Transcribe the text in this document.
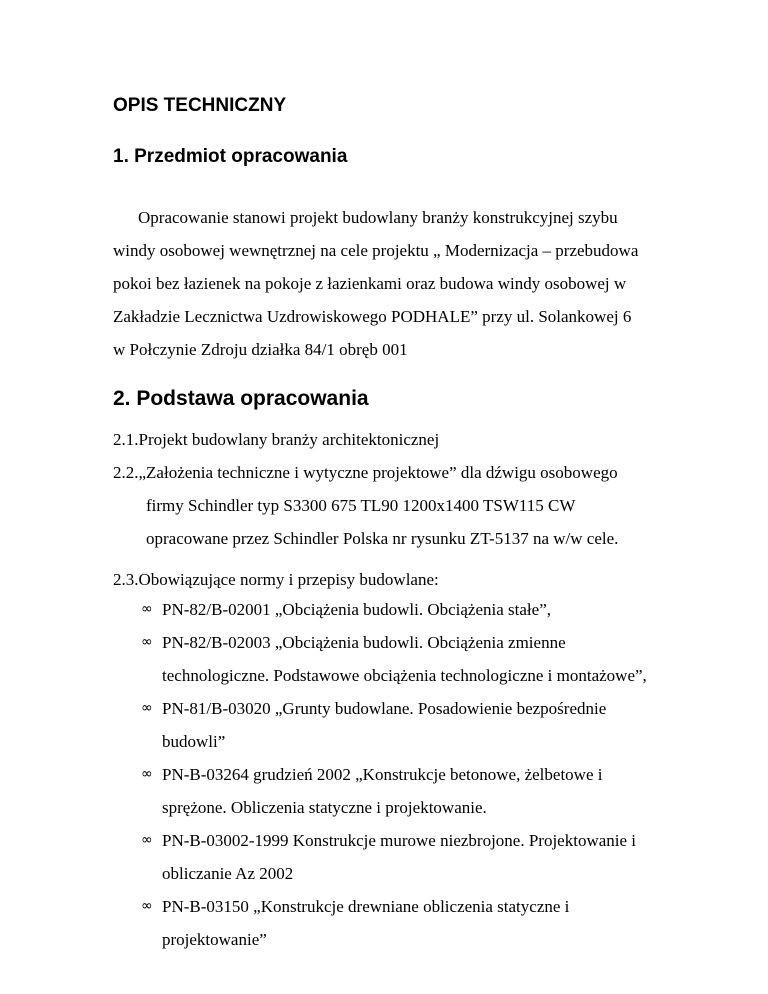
OPIS TECHNICZNY
1. Przedmiot opracowania
Opracowanie stanowi projekt budowlany branży konstrukcyjnej szybu
windy osobowej wewnętrznej na cele projektu „ Modernizacja – przebudowa
pokoi bez łazienek na pokoje z łazienkami oraz budowa windy osobowej w
Zakładzie Lecznictwa Uzdrowiskowego PODHALE” przy ul. Solankowej 6
w Połczynie Zdroju działka 84/1 obręb 001
2. Podstawa opracowania
2.1.Projekt budowlany branży architektonicznej
2.2.„Założenia techniczne i wytyczne projektowe” dla dźwigu osobowego
firmy Schindler typ S3300 675 TL90 1200x1400 TSW115 CW
opracowane przez Schindler Polska nr rysunku ZT-5137 na w/w cele.
2.3.Obowiązujące normy i przepisy budowlane:
∞ PN-82/B-02001 „Obciążenia budowli. Obciążenia stałe”,
∞ PN-82/B-02003 „Obciążenia budowli. Obciążenia zmienne
technologiczne. Podstawowe obciążenia technologiczne i montażowe”,
∞ PN-81/B-03020 „Grunty budowlane. Posadowienie bezpośrednie
budowli”
∞ PN-B-03264 grudzień 2002 „Konstrukcje betonowe, żelbetowe i
sprężone. Obliczenia statyczne i projektowanie.
∞ PN-B-03002-1999 Konstrukcje murowe niezbrojone. Projektowanie i
obliczanie Az 2002
∞ PN-B-03150 „Konstrukcje drewniane obliczenia statyczne i
projektowanie”
